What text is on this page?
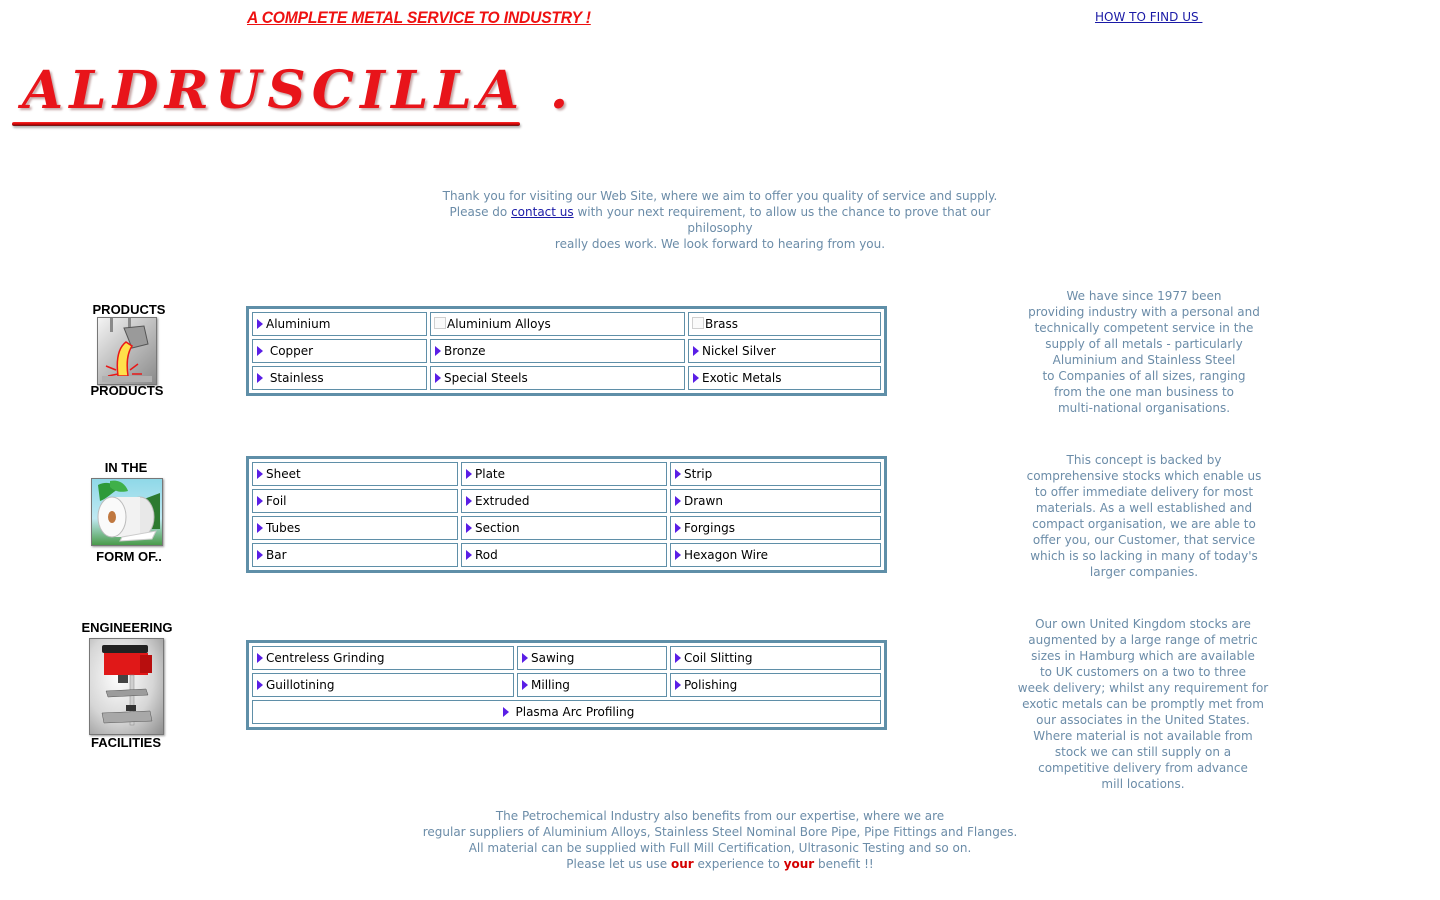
A COMPLETE METAL SERVICE TO INDUSTRY !	HOW TO FIND US
ALDRUSCILLA .
Thank you for visiting our Web Site, where we aim to offer you quality of service and supply.
Please do contact us with your next requirement, to allow us the chance to prove that our philosophy
really does work. We look forward to hearing from you.
PRODUCTS
PRODUCTS
Aluminium	Aluminium Alloys	Brass
Copper	Bronze	Nickel Silver
Stainless	Special Steels	Exotic Metals
IN THE
FORM OF..
Sheet	Plate	Strip
Foil	Extruded	Drawn
Tubes	Section	Forgings
Bar	Rod	Hexagon Wire
ENGINEERING
FACILITIES
Centreless Grinding	Sawing	Coil Slitting
Guillotining	Milling	Polishing
Plasma Arc Profiling
We have since 1977 been
providing industry with a personal and
technically competent service in the
supply of all metals - particularly
Aluminium and Stainless Steel
to Companies of all sizes, ranging
from the one man business to
multi-national organisations.
This concept is backed by
comprehensive stocks which enable us
to offer immediate delivery for most
materials. As a well established and
compact organisation, we are able to
offer you, our Customer, that service
which is so lacking in many of today's
larger companies.
Our own United Kingdom stocks are
augmented by a large range of metric
sizes in Hamburg which are available
to UK customers on a two to three
week delivery; whilst any requirement for
exotic metals can be promptly met from
our associates in the United States.
Where material is not available from
stock we can still supply on a
competitive delivery from advance
mill locations.
The Petrochemical Industry also benefits from our expertise, where we are
regular suppliers of Aluminium Alloys, Stainless Steel Nominal Bore Pipe, Pipe Fittings and Flanges.
All material can be supplied with Full Mill Certification, Ultrasonic Testing and so on.
Please let us use our experience to your benefit !!
